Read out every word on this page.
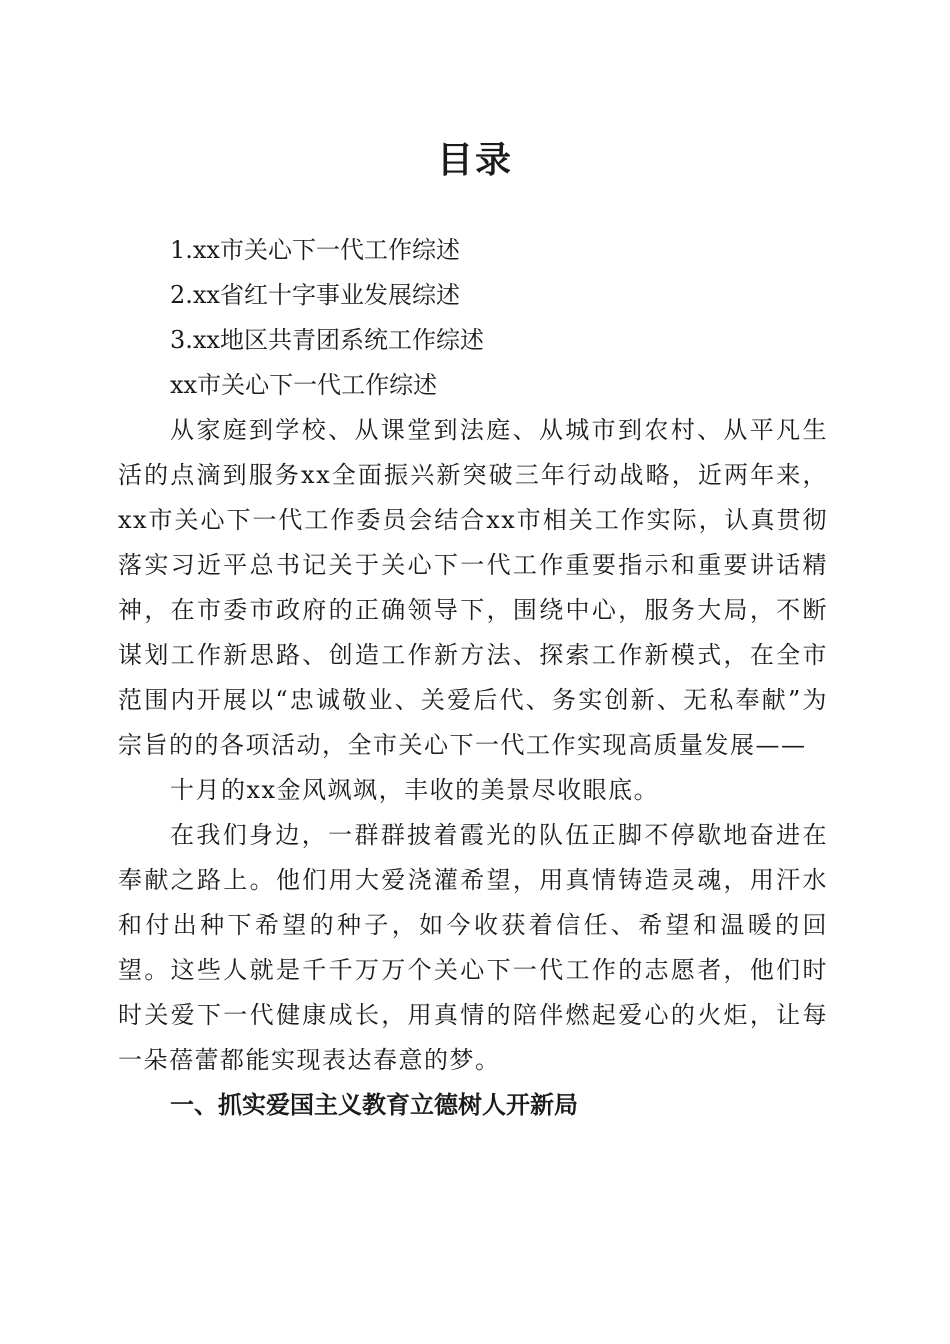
目录

1.xx市关心下一代工作综述

2.xx省红十字事业发展综述

3.xx地区共青团系统工作综述

xx市关心下一代工作综述

从家庭到学校、从课堂到法庭、从城市到农村、从平凡生活的点滴到服务xx全面振兴新突破三年行动战略，近两年来，xx市关心下一代工作委员会结合xx市相关工作实际，认真贯彻落实习近平总书记关于关心下一代工作重要指示和重要讲话精神，在市委市政府的正确领导下，围绕中心，服务大局，不断谋划工作新思路、创造工作新方法、探索工作新模式，在全市范围内开展以“忠诚敬业、关爱后代、务实创新、无私奉献”为宗旨的的各项活动，全市关心下一代工作实现高质量发展——

十月的xx金风飒飒，丰收的美景尽收眼底。

在我们身边，一群群披着霞光的队伍正脚不停歇地奋进在奉献之路上。他们用大爱浇灌希望，用真情铸造灵魂，用汗水和付出种下希望的种子，如今收获着信任、希望和温暖的回望。这些人就是千千万万个关心下一代工作的志愿者，他们时时关爱下一代健康成长，用真情的陪伴燃起爱心的火炬，让每一朵蓓蕾都能实现表达春意的梦。

一、抓实爱国主义教育立德树人开新局
